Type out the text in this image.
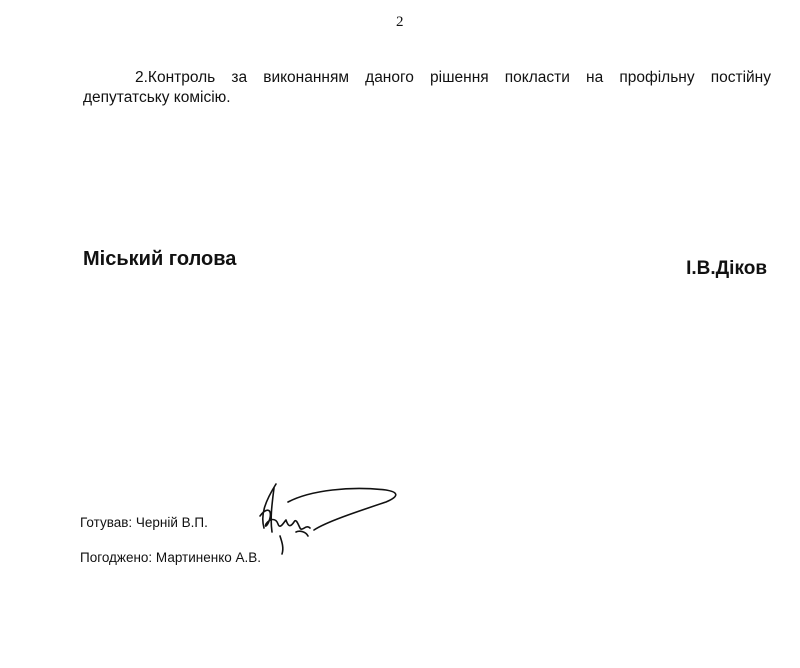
2
2.Контроль за виконанням даного рішення покласти на профільну постійну
депутатську комісію.
Міський голова	І.В.Діков
Готував: Черній В.П.
Погоджено: Мартиненко А.В.
